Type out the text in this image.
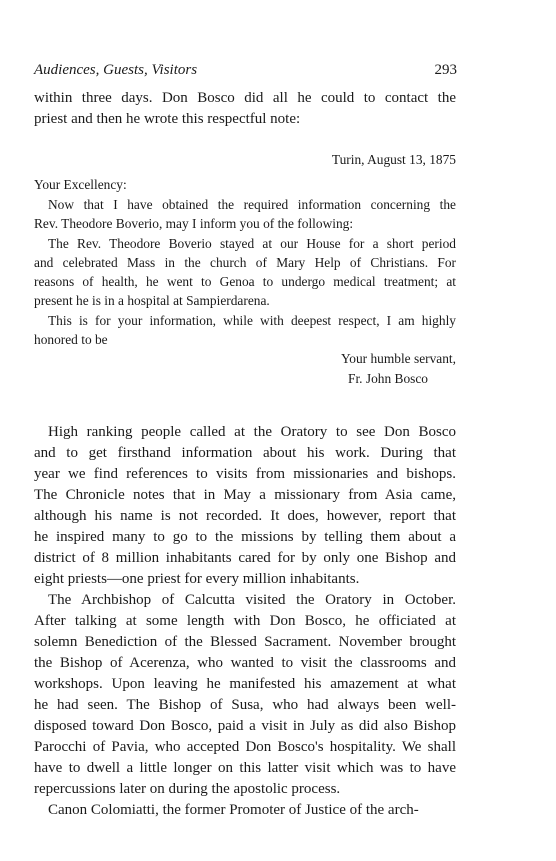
Audiences, Guests, Visitors	293
within three days. Don Bosco did all he could to contact the
priest and then he wrote this respectful note:
Turin, August 13, 1875
Your Excellency:
Now that I have obtained the required information concerning the
Rev. Theodore Boverio, may I inform you of the following:
The Rev. Theodore Boverio stayed at our House for a short period
and celebrated Mass in the church of Mary Help of Christians. For
reasons of health, he went to Genoa to undergo medical treatment; at
present he is in a hospital at Sampierdarena.
This is for your information, while with deepest respect, I am highly
honored to be
Your humble servant,
Fr. John Bosco
High ranking people called at the Oratory to see Don Bosco
and to get firsthand information about his work. During that
year we find references to visits from missionaries and bishops.
The Chronicle notes that in May a missionary from Asia came,
although his name is not recorded. It does, however, report that
he inspired many to go to the missions by telling them about a
district of 8 million inhabitants cared for by only one Bishop and
eight priests—one priest for every million inhabitants.
The Archbishop of Calcutta visited the Oratory in October.
After talking at some length with Don Bosco, he officiated at
solemn Benediction of the Blessed Sacrament. November brought
the Bishop of Acerenza, who wanted to visit the classrooms and
workshops. Upon leaving he manifested his amazement at what
he had seen. The Bishop of Susa, who had always been well-
disposed toward Don Bosco, paid a visit in July as did also Bishop
Parocchi of Pavia, who accepted Don Bosco's hospitality. We shall
have to dwell a little longer on this latter visit which was to have
repercussions later on during the apostolic process.
Canon Colomiatti, the former Promoter of Justice of the arch-
